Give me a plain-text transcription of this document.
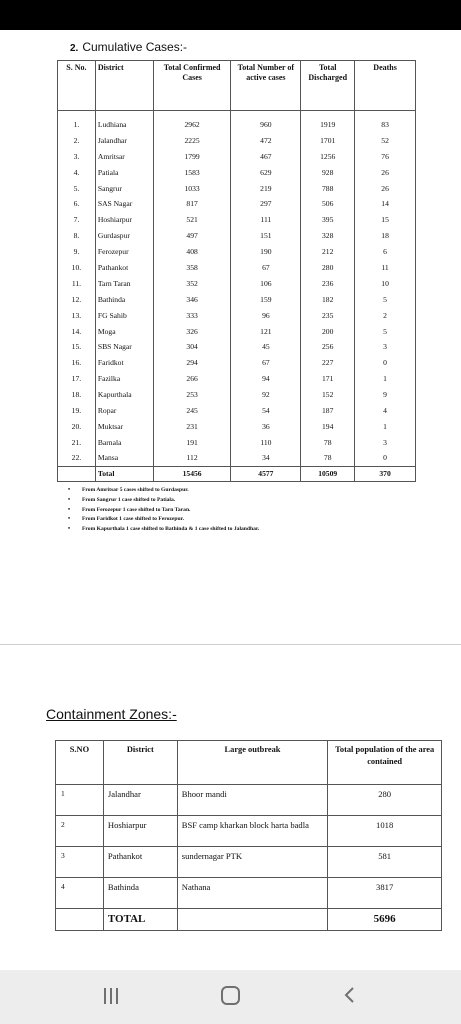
2. Cumulative Cases:-
S. No.	District	Total Confirmed Cases	Total Number of active cases	Total Discharged	Deaths

1.	Ludhiana	2962	960	1919	83
2.	Jalandhar	2225	472	1701	52
3.	Amritsar	1799	467	1256	76
4.	Patiala	1583	629	928	26
5.	Sangrur	1033	219	788	26
6.	SAS Nagar	817	297	506	14
7.	Hoshiarpur	521	111	395	15
8.	Gurdaspur	497	151	328	18
9.	Ferozepur	408	190	212	6
10.	Pathankot	358	67	280	11
11.	Tarn Taran	352	106	236	10
12.	Bathinda	346	159	182	5
13.	FG Sahib	333	96	235	2
14.	Moga	326	121	200	5
15.	SBS Nagar	304	45	256	3
16.	Faridkot	294	67	227	0
17.	Fazilka	266	94	171	1
18.	Kapurthala	253	92	152	9
19.	Ropar	245	54	187	4
20.	Muktsar	231	36	194	1
21.	Barnala	191	110	78	3
22.	Mansa	112	34	78	0
	Total	15456	4577	10509	370
• From Amritsar 5 cases shifted to Gurdaspur.
• From Sangrur 1 case shifted to Patiala.
• From Ferozepur 1 case shifted to Tarn Taran.
• From Faridkot 1 case shifted to Ferozepur.
• From Kapurthala 1 case shifted to Bathinda & 1 case shifted to Jalandhar.
Containment Zones:-
S.NO	District	Large outbreak	Total population of the area contained
1	Jalandhar	Bhoor mandi	280
2	Hoshiarpur	BSF camp kharkan block harta badla	1018
3	Pathankot	sundernagar PTK	581
4	Bathinda	Nathana	3817
	TOTAL		5696
